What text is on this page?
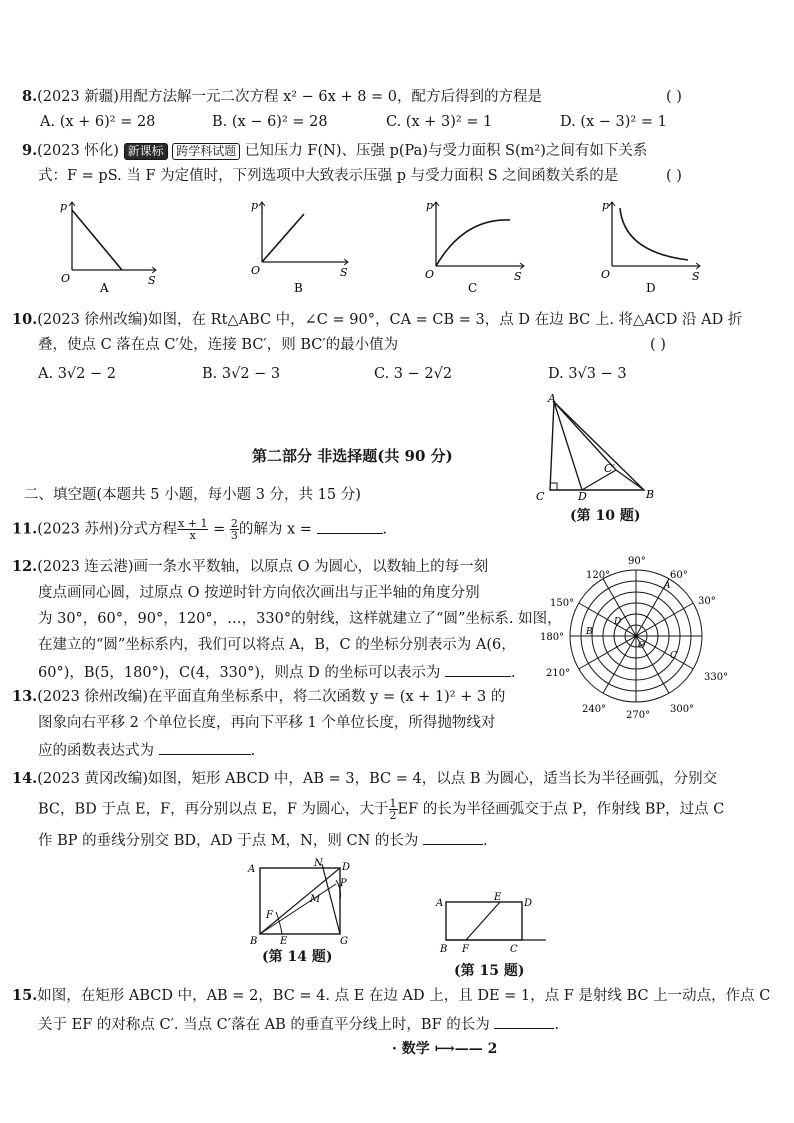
8.(2023 新疆)用配方法解一元二次方程 x² − 6x + 8 = 0，配方后得到的方程是	( )
A. (x + 6)² = 28	B. (x − 6)² = 28	C. (x + 3)² = 1	D. (x − 3)² = 1
9.(2023 怀化) 新课标 跨学科试题 已知压力 F(N)、压强 p(Pa)与受力面积 S(m²)之间有如下关系
式：F = pS. 当 F 为定值时，下列选项中大致表示压强 p 与受力面积 S 之间函数关系的是	( )
p
S
O
A
p
S
O
B
p
S
O
C
p
S
O
D
10.(2023 徐州改编)如图，在 Rt△ABC 中，∠C = 90°，CA = CB = 3，点 D 在边 BC 上. 将△ACD 沿 AD 折
叠，使点 C 落在点 C′处，连接 BC′，则 BC′的最小值为	( )
A. 3√2 − 2	B. 3√2 − 3	C. 3 − 2√2	D. 3√3 − 3
A
C	D
C′
B
(第 10 题)
第二部分 非选择题(共 90 分)
二、填空题(本题共 5 小题，每小题 3 分，共 15 分)
11.(2023 苏州)分式方程 $\frac{x + 1}{x} = \frac{2}{3}$ 的解为 x =	.
12.(2023 连云港)画一条水平数轴，以原点 O 为圆心，以数轴上的每一刻
度点画同心圆，过原点 O 按逆时针方向依次画出与正半轴的角度分别
为 30°，60°，90°，120°，…，330°的射线，这样就建立了“圆”坐标系. 如图，
在建立的“圆”坐标系内，我们可以将点 A，B，C 的坐标分别表示为 A(6，
60°)，B(5，180°)，C(4，330°)，则点 D 的坐标可以表示为	.
90°
60°
30°
330°
300°
270°
240°
210°
180°
150°
120°
A
B
C
D
O
13.(2023 徐州改编)在平面直角坐标系中，将二次函数 y = (x + 1)² + 3 的
图象向右平移 2 个单位长度，再向下平移 1 个单位长度，所得抛物线对
应的函数表达式为	.
14.(2023 黄冈改编)如图，矩形 ABCD 中，AB = 3，BC = 4，以点 B 为圆心，适当长为半径画弧，分别交
BC，BD 于点 E，F，再分别以点 E，F 为圆心，大于 $\frac{1}{2}$ EF 的长为半径画弧交于点 P，作射线 BP，过点 C
作 BP 的垂线分别交 BD，AD 于点 M，N，则 CN 的长为	.
A
N D
P
M
F
B E	G
(第 14 题)
A
E
D
B F	C
(第 15 题)
15.如图，在矩形 ABCD 中，AB = 2，BC = 4. 点 E 在边 AD 上，且 DE = 1，点 F 是射线 BC 上一动点，作点 C
关于 EF 的对称点 C′. 当点 C′落在 AB 的垂直平分线上时，BF 的长为	.
· 数学 ⟼—— 2
